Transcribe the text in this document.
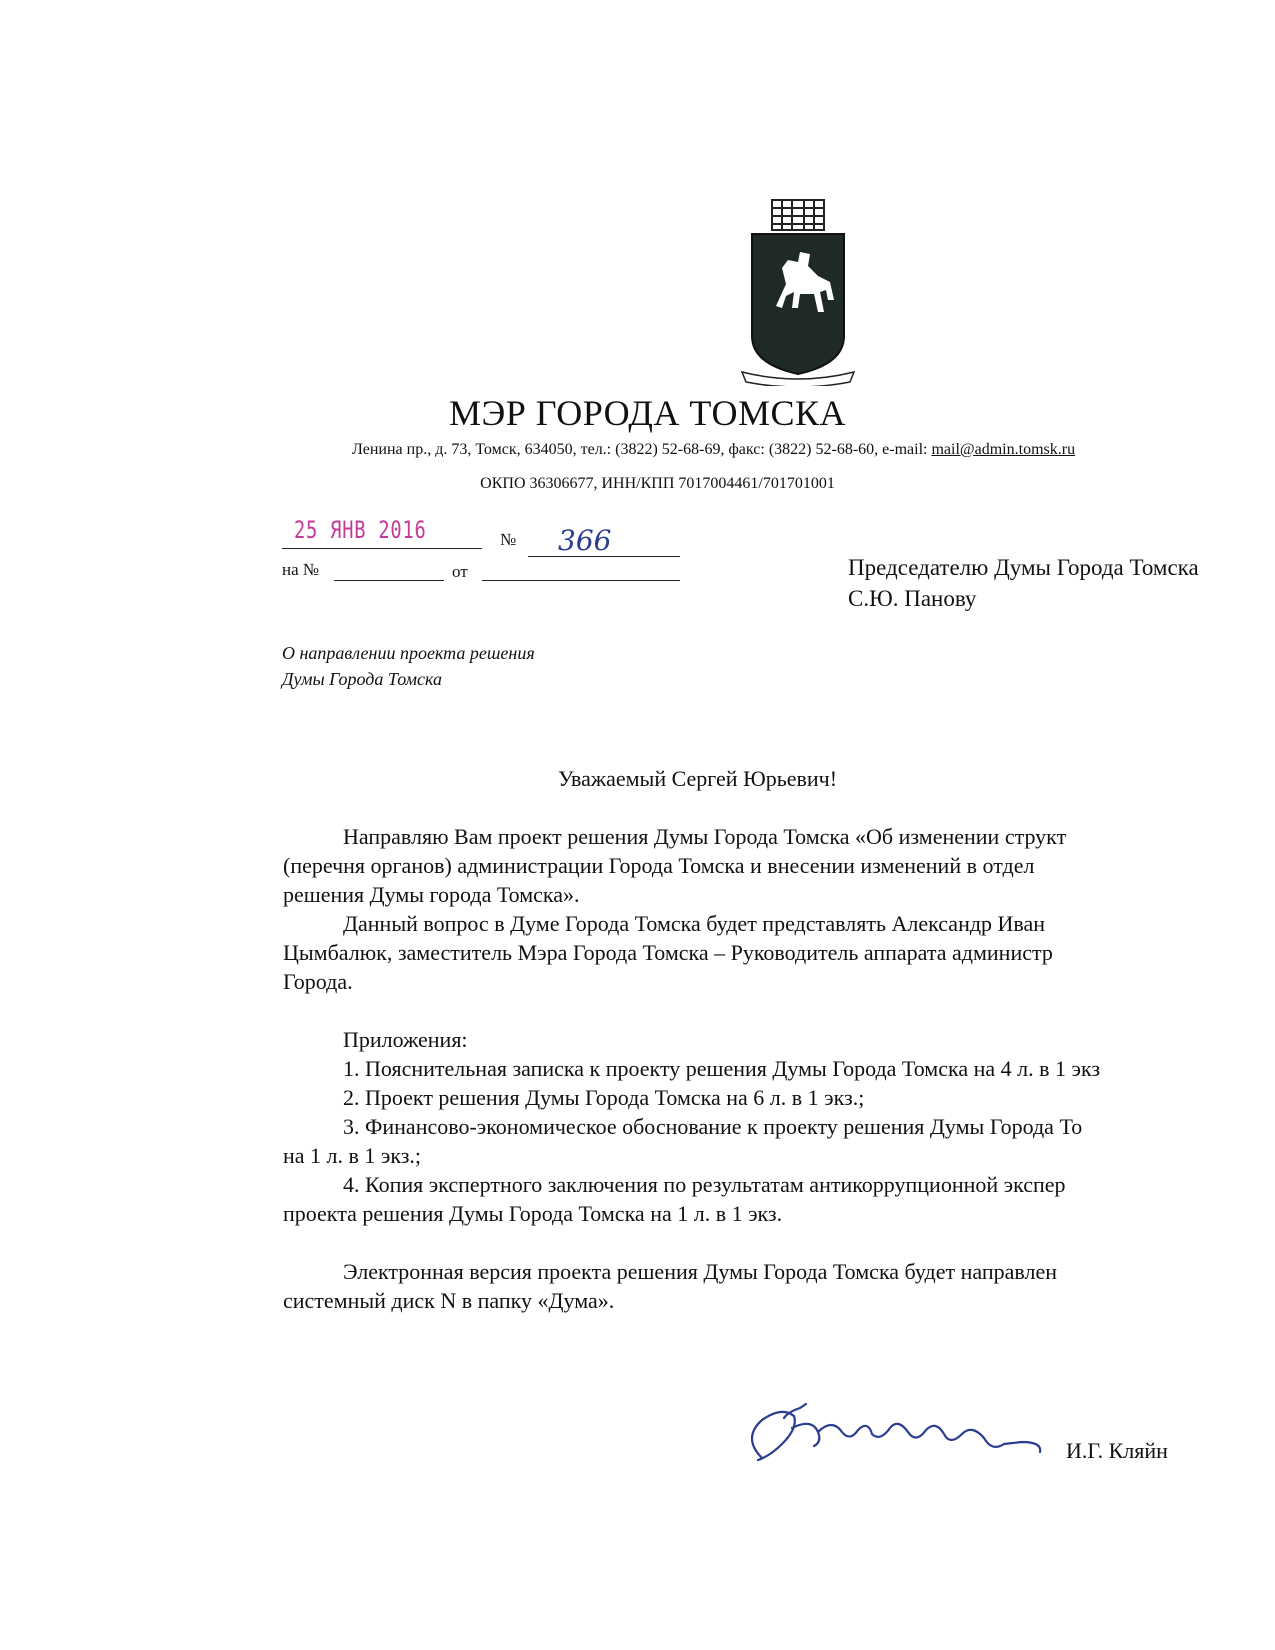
МЭР ГОРОДА ТОМСКА
Ленина пр., д. 73, Томск, 634050, тел.: (3822) 52-68-69, факс: (3822) 52-68-60, e-mail: mail@admin.tomsk.ru
ОКПО 36306677, ИНН/КПП 7017004461/701701001
25 ЯНВ 2016	№ 366
на №	от	Председателю Думы Города Томска
С.Ю. Панову
О направлении проекта решения
Думы Города Томска
Уважаемый Сергей Юрьевич!

Направляю Вам проект решения Думы Города Томска «Об изменении структ

(перечня органов) администрации Города Томска и внесении изменений в отдел

решения Думы города Томска».

Данный вопрос в Думе Города Томска будет представлять Александр Иван

Цымбалюк, заместитель Мэра Города Томска – Руководитель аппарата администр

Города.

Приложения:

1. Пояснительная записка к проекту решения Думы Города Томска на 4 л. в 1 экз

2. Проект решения Думы Города Томска на 6 л. в 1 экз.;

3. Финансово-экономическое обоснование к проекту решения Думы Города То

на 1 л. в 1 экз.;

4. Копия экспертного заключения по результатам антикоррупционной экспер

проекта решения Думы Города Томска на 1 л. в 1 экз.

Электронная версия проекта решения Думы Города Томска будет направлен

системный диск N в папку «Дума».

И.Г. Кляйн
